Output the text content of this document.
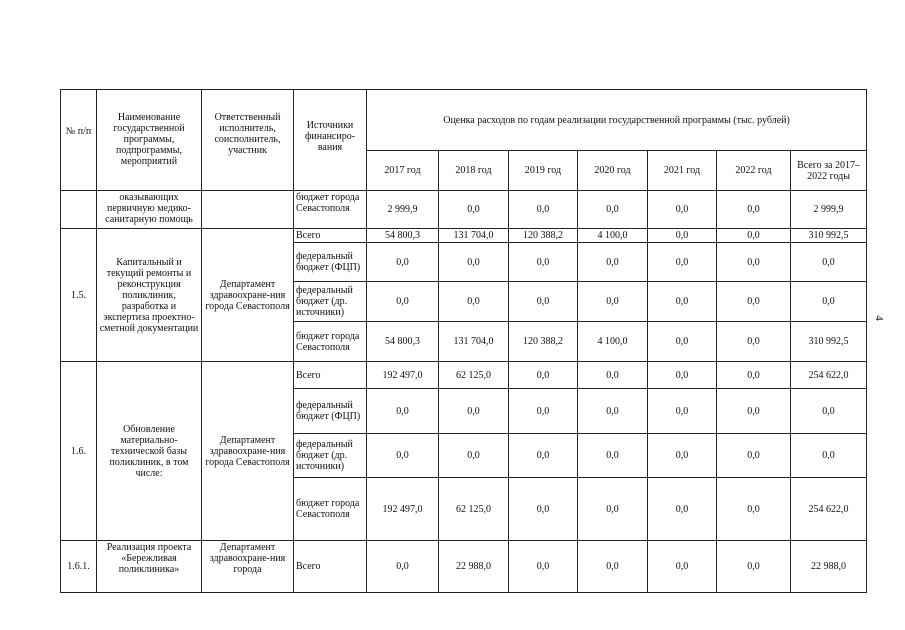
№ п/п	Наименование государственной программы, подпрограммы, мероприятий	Ответственный исполнитель, соисполнитель, участник	Источники финансиро-вания	Оценка расходов по годам реализации государственной программы (тыс. рублей)						
				2017 год	2018 год	2019 год	2020 год	2021 год	2022 год	Всего за 2017–2022 годы
	оказывающих первичную медико-санитарную помощь		бюджет города Севастополя	2 999,9	0,0	0,0	0,0	0,0	0,0	2 999,9
1.5.	Капитальный и текущий ремонты и реконструкция поликлиник, разработка и экспертиза проектно-сметной документации	Департамент здравоохране-ния города Севастополя	Всего	54 800,3	131 704,0	120 388,2	4 100,0	0,0	0,0	310 992,5
			федеральный бюджет (ФЦП)	0,0	0,0	0,0	0,0	0,0	0,0	0,0
			федеральный бюджет (др. источники)	0,0	0,0	0,0	0,0	0,0	0,0	0,0
			бюджет города Севастополя	54 800,3	131 704,0	120 388,2	4 100,0	0,0	0,0	310 992,5
1.6.	Обновление материально-технической базы поликлиник, в том числе:	Департамент здравоохране-ния города Севастополя	Всего	192 497,0	62 125,0	0,0	0,0	0,0	0,0	254 622,0
			федеральный бюджет (ФЦП)	0,0	0,0	0,0	0,0	0,0	0,0	0,0
			федеральный бюджет (др. источники)	0,0	0,0	0,0	0,0	0,0	0,0	0,0
			бюджет города Севастополя	192 497,0	62 125,0	0,0	0,0	0,0	0,0	254 622,0
1.6.1.	Реализация проекта «Бережливая поликлиника»	Департамент здравоохране-ния города	Всего	0,0	22 988,0	0,0	0,0	0,0	0,0	22 988,0
4
